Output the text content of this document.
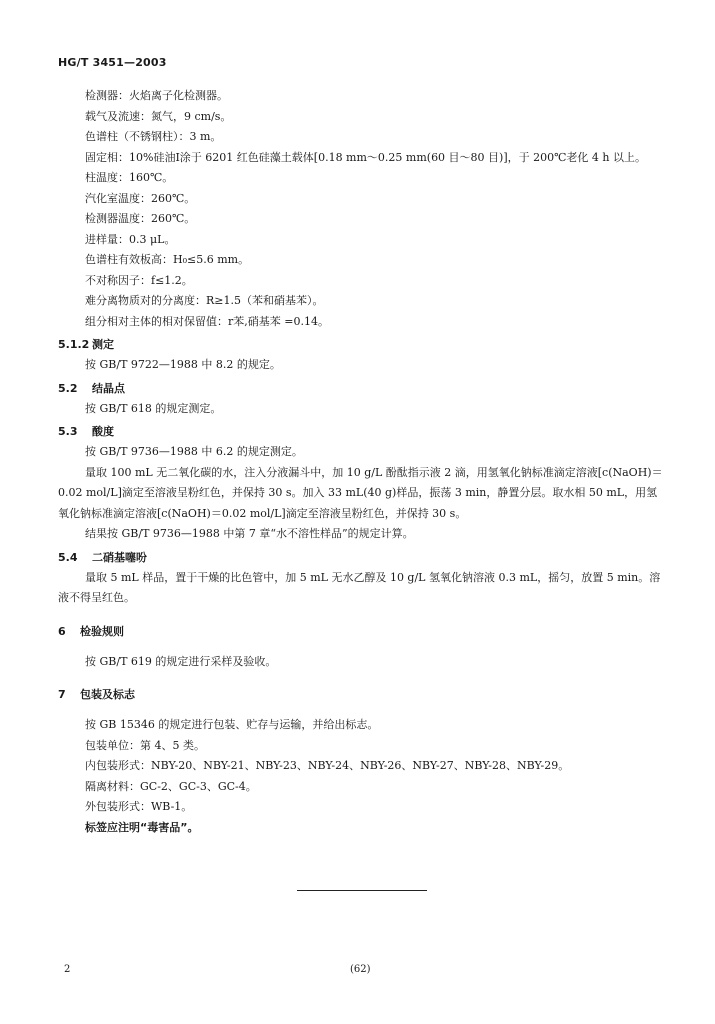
HG/T 3451—2003

检测器：火焰离子化检测器。

载气及流速：氮气，9 cm/s。

色谱柱（不锈钢柱）：3 m。

固定相：10%硅油Ⅰ涂于 6201 红色硅藻土载体[0.18 mm～0.25 mm(60 目～80 目)]，于 200℃老化 4 h 以上。

柱温度：160℃。

汽化室温度：260℃。

检测器温度：260℃。

进样量：0.3 μL。

色谱柱有效板高：H₀≤5.6 mm。

不对称因子：f≤1.2。

难分离物质对的分离度：R≥1.5（苯和硝基苯）。

组分相对主体的相对保留值：r苯,硝基苯 =0.14。

5.1.2 测定

按 GB/T 9722—1988 中 8.2 的规定。

5.2 结晶点

按 GB/T 618 的规定测定。

5.3 酸度

按 GB/T 9736—1988 中 6.2 的规定测定。

量取 100 mL 无二氧化碳的水，注入分液漏斗中，加 10 g/L 酚酞指示液 2 滴，用氢氧化钠标准滴定溶液[c(NaOH)＝0.02 mol/L]滴定至溶液呈粉红色，并保持 30 s。加入 33 mL(40 g)样品，振荡 3 min，静置分层。取水相 50 mL，用氢氧化钠标准滴定溶液[c(NaOH)＝0.02 mol/L]滴定至溶液呈粉红色，并保持 30 s。

结果按 GB/T 9736—1988 中第 7 章“水不溶性样品”的规定计算。

5.4 二硝基噻吩

量取 5 mL 样品，置于干燥的比色管中，加 5 mL 无水乙醇及 10 g/L 氢氧化钠溶液 0.3 mL，摇匀，放置 5 min。溶液不得呈红色。

6 检验规则

按 GB/T 619 的规定进行采样及验收。

7 包装及标志

按 GB 15346 的规定进行包装、贮存与运输，并给出标志。

包装单位：第 4、5 类。

内包装形式：NBY-20、NBY-21、NBY-23、NBY-24、NBY-26、NBY-27、NBY-28、NBY-29。

隔离材料：GC-2、GC-3、GC-4。

外包装形式：WB-1。

标签应注明“毒害品”。

2	(62)
